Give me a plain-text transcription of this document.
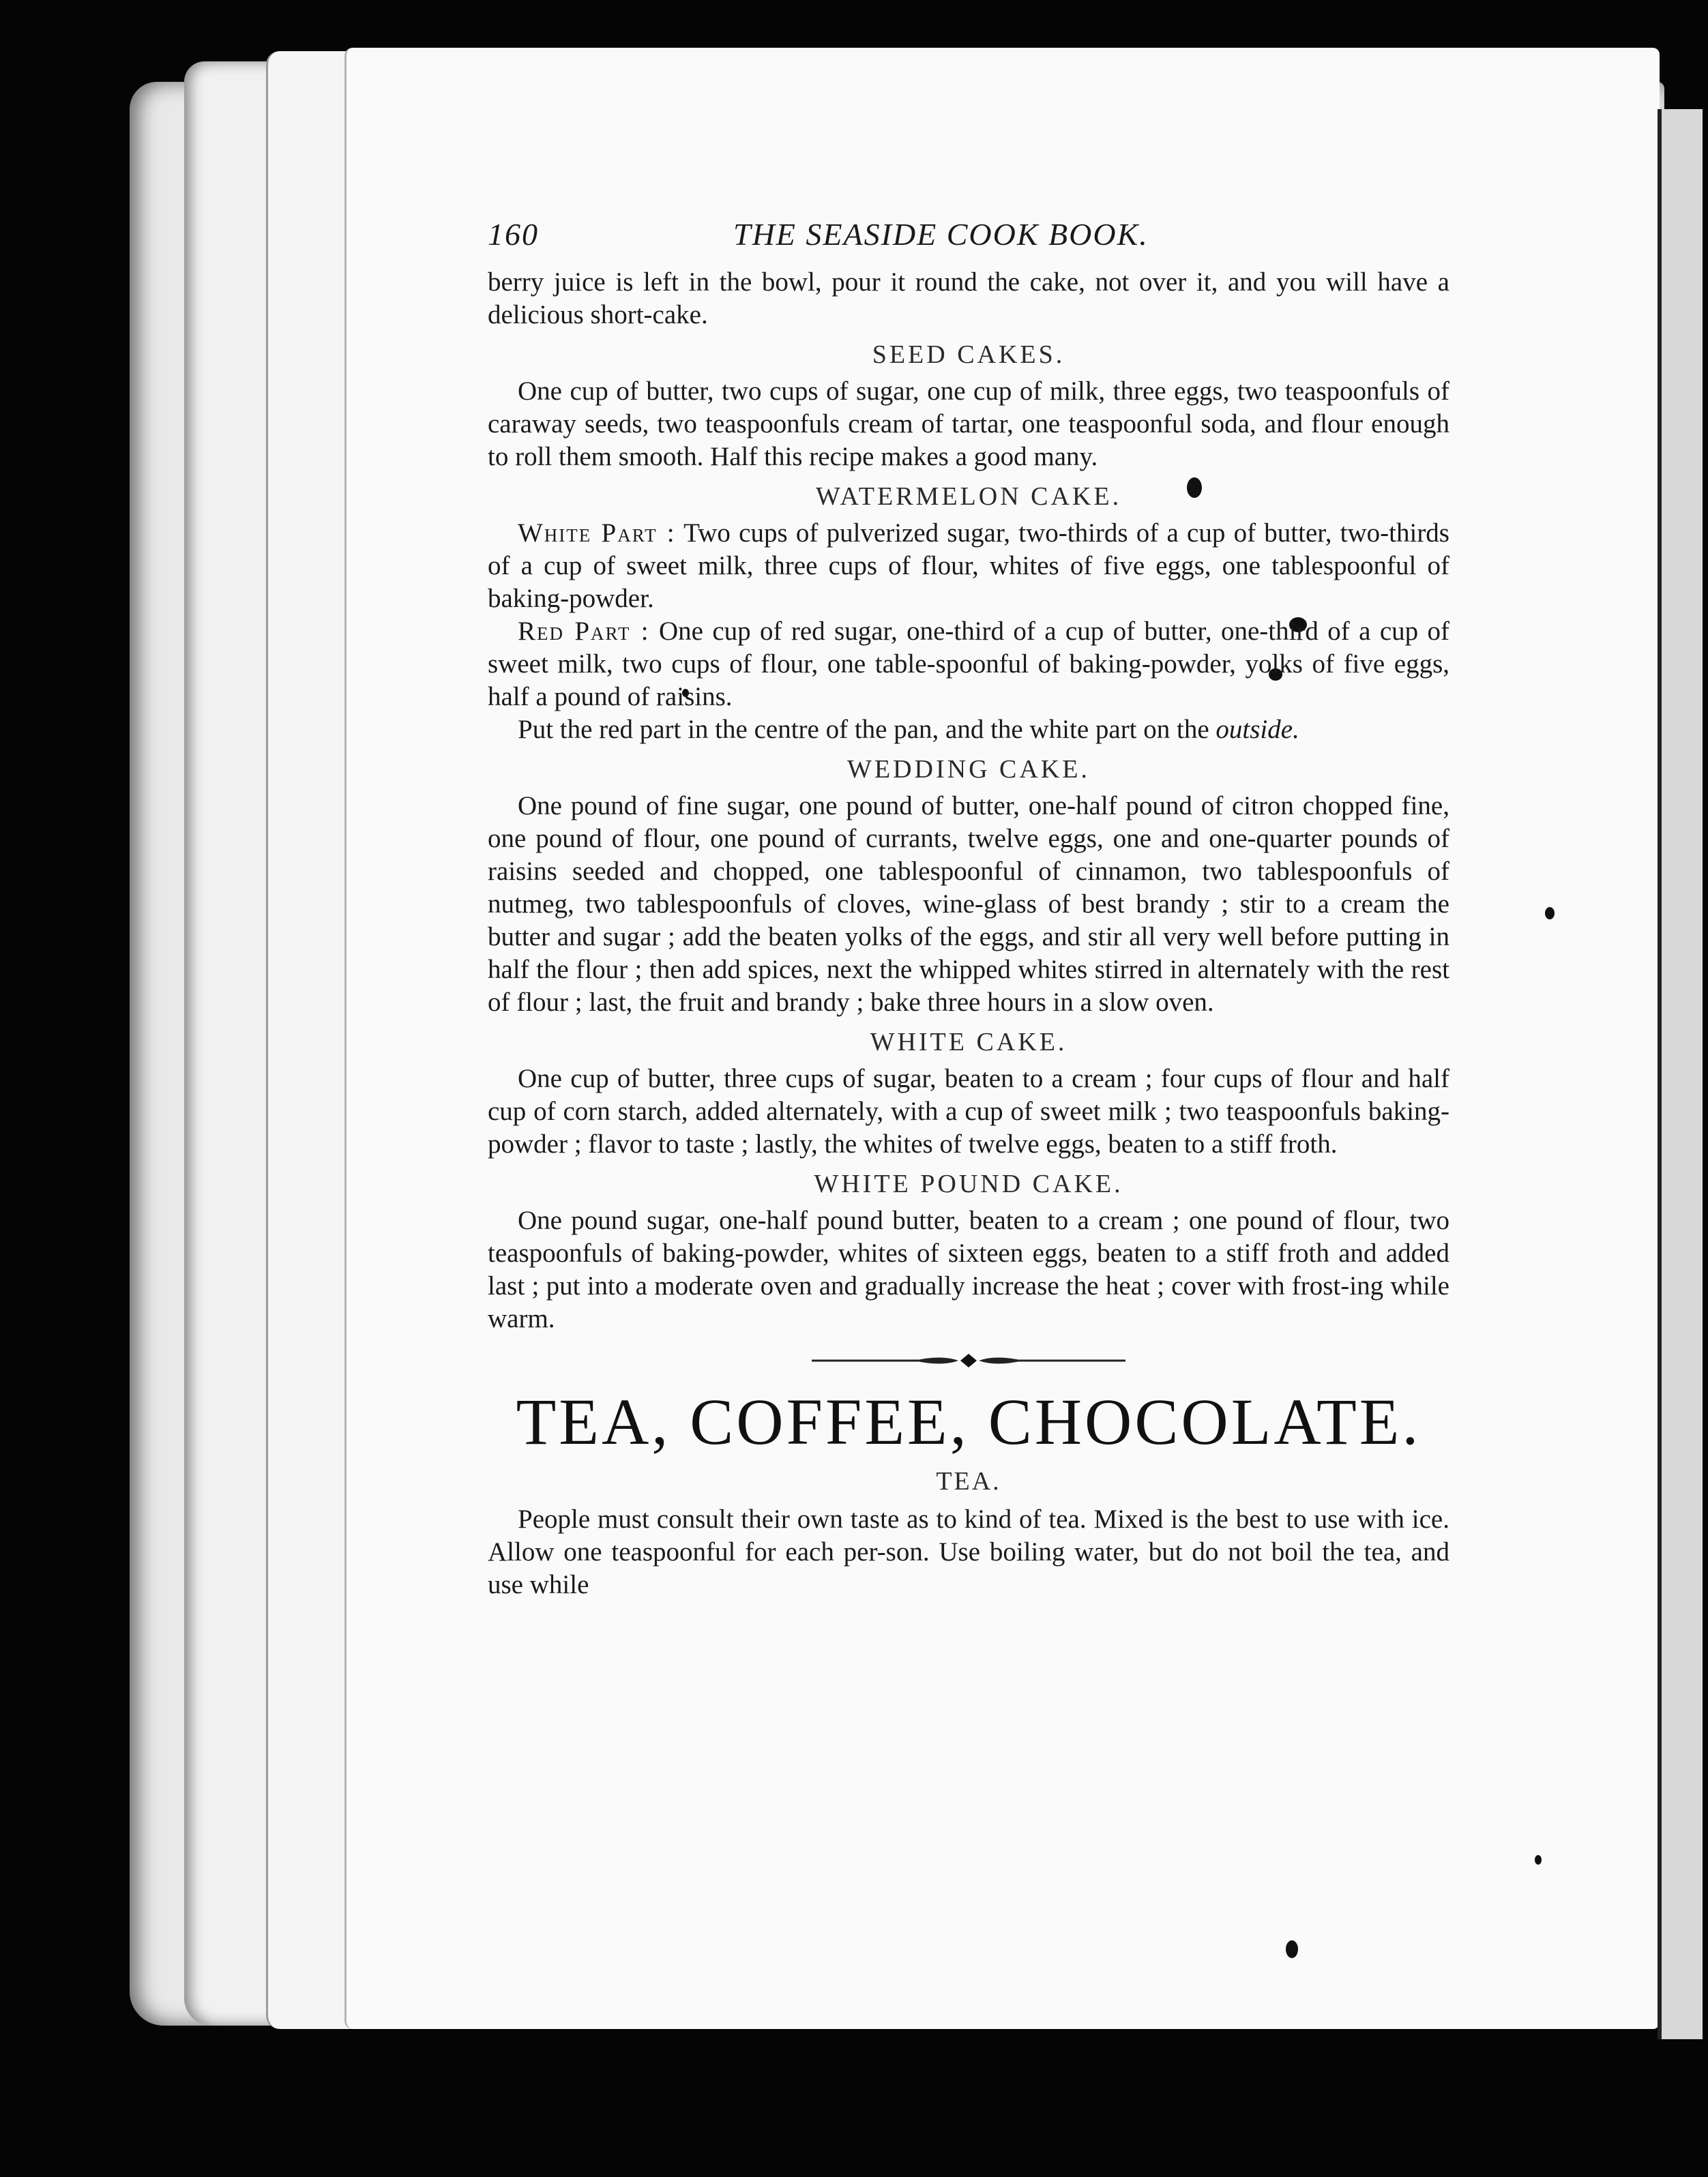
160	THE SEASIDE COOK BOOK.

berry juice is left in the bowl, pour it round the cake, not over it, and you will have a delicious short-cake.

SEED CAKES.

One cup of butter, two cups of sugar, one cup of milk, three eggs, two teaspoonfuls of caraway seeds, two teaspoonfuls cream of tartar, one teaspoonful soda, and flour enough to roll them smooth. Half this recipe makes a good many.

WATERMELON CAKE.

White Part : Two cups of pulverized sugar, two-thirds of a cup of butter, two-thirds of a cup of sweet milk, three cups of flour, whites of five eggs, one tablespoonful of baking-powder.

Red Part : One cup of red sugar, one-third of a cup of butter, one-third of a cup of sweet milk, two cups of flour, one table-spoonful of baking-powder, yolks of five eggs, half a pound of raisins.

Put the red part in the centre of the pan, and the white part on the outside.

WEDDING CAKE.

One pound of fine sugar, one pound of butter, one-half pound of citron chopped fine, one pound of flour, one pound of currants, twelve eggs, one and one-quarter pounds of raisins seeded and chopped, one tablespoonful of cinnamon, two tablespoonfuls of nutmeg, two tablespoonfuls of cloves, wine-glass of best brandy ; stir to a cream the butter and sugar ; add the beaten yolks of the eggs, and stir all very well before putting in half the flour ; then add spices, next the whipped whites stirred in alternately with the rest of flour ; last, the fruit and brandy ; bake three hours in a slow oven.

WHITE CAKE.

One cup of butter, three cups of sugar, beaten to a cream ; four cups of flour and half cup of corn starch, added alternately, with a cup of sweet milk ; two teaspoonfuls baking-powder ; flavor to taste ; lastly, the whites of twelve eggs, beaten to a stiff froth.

WHITE POUND CAKE.

One pound sugar, one-half pound butter, beaten to a cream ; one pound of flour, two teaspoonfuls of baking-powder, whites of sixteen eggs, beaten to a stiff froth and added last ; put into a moderate oven and gradually increase the heat ; cover with frost-ing while warm.

TEA, COFFEE, CHOCOLATE.
TEA.

People must consult their own taste as to kind of tea. Mixed is the best to use with ice. Allow one teaspoonful for each per-son. Use boiling water, but do not boil the tea, and use while
